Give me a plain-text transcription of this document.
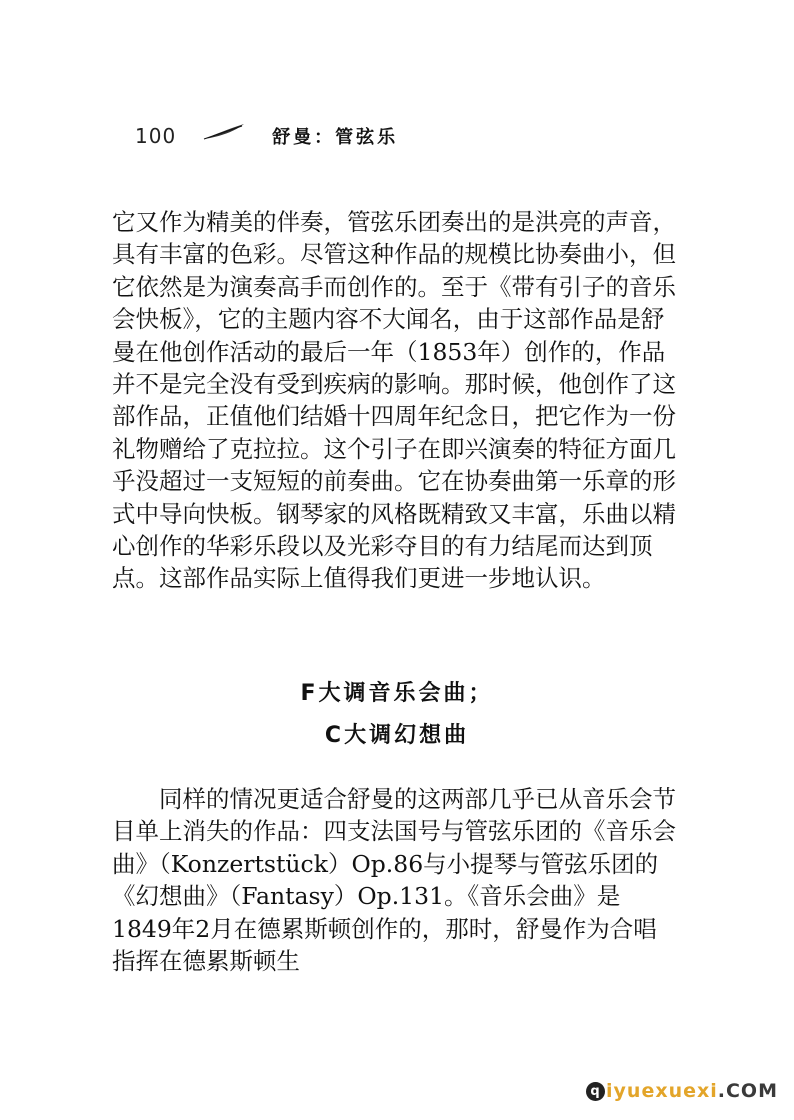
100	舒曼：管弦乐

它又作为精美的伴奏，管弦乐团奏出的是洪亮的声音，具有丰富的色彩。尽管这种作品的规模比协奏曲小，但它依然是为演奏高手而创作的。至于《带有引子的音乐会快板》，它的主题内容不大闻名，由于这部作品是舒曼在他创作活动的最后一年（1853年）创作的，作品并不是完全没有受到疾病的影响。那时候，他创作了这部作品，正值他们结婚十四周年纪念日，把它作为一份礼物赠给了克拉拉。这个引子在即兴演奏的特征方面几乎没超过一支短短的前奏曲。它在协奏曲第一乐章的形式中导向快板。钢琴家的风格既精致又丰富，乐曲以精心创作的华彩乐段以及光彩夺目的有力结尾而达到顶点。这部作品实际上值得我们更进一步地认识。

F大调音乐会曲；
C大调幻想曲

同样的情况更适合舒曼的这两部几乎已从音乐会节目单上消失的作品：四支法国号与管弦乐团的《音乐会曲》（Konzertstück）Op.86与小提琴与管弦乐团的《幻想曲》（Fantasy）Op.131。《音乐会曲》是1849年2月在德累斯顿创作的，那时，舒曼作为合唱指挥在德累斯顿生

q iyuexuexi .COM
